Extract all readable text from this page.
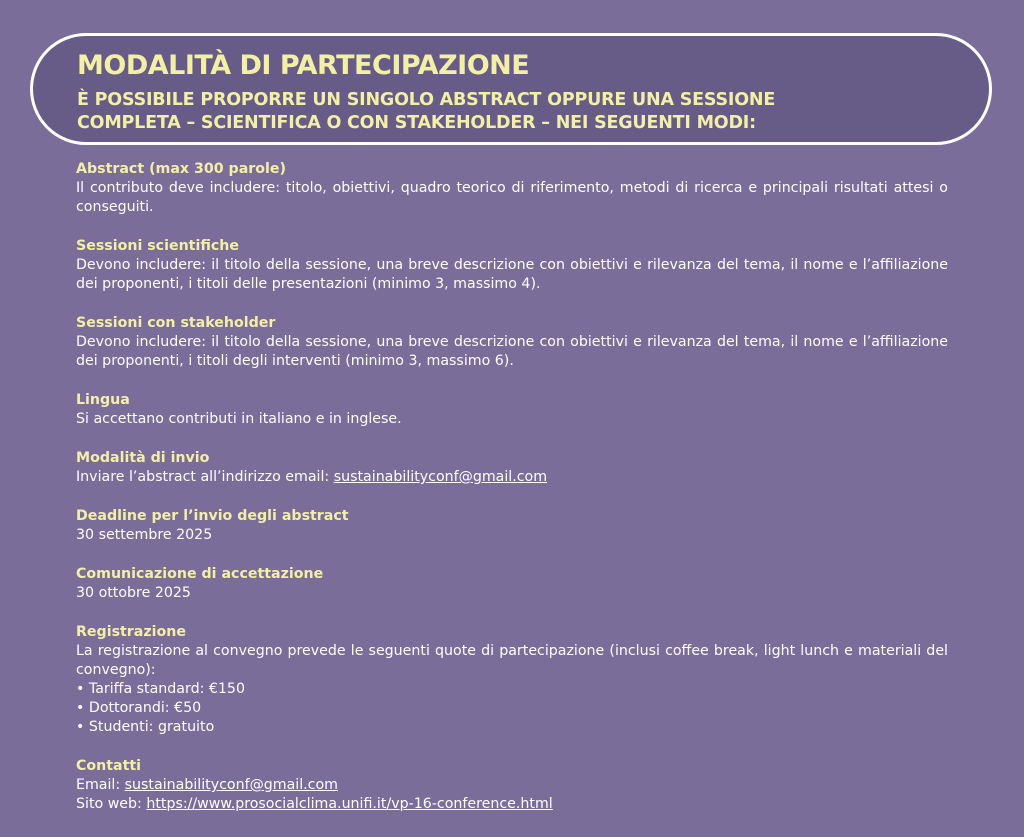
MODALITÀ DI PARTECIPAZIONE
È POSSIBILE PROPORRE UN SINGOLO ABSTRACT OPPURE UNA SESSIONE COMPLETA – SCIENTIFICA O CON STAKEHOLDER – NEI SEGUENTI MODI:
Abstract (max 300 parole)
Il contributo deve includere: titolo, obiettivi, quadro teorico di riferimento, metodi di ricerca e principali risultati attesi o conseguiti.
Sessioni scientifiche
Devono includere: il titolo della sessione, una breve descrizione con obiettivi e rilevanza del tema, il nome e l’affiliazione dei proponenti, i titoli delle presentazioni (minimo 3, massimo 4).
Sessioni con stakeholder
Devono includere: il titolo della sessione, una breve descrizione con obiettivi e rilevanza del tema, il nome e l’affiliazione dei proponenti, i titoli degli interventi (minimo 3, massimo 6).
Lingua
Si accettano contributi in italiano e in inglese.
Modalità di invio
Inviare l’abstract all’indirizzo email: sustainabilityconf@gmail.com
Deadline per l’invio degli abstract
30 settembre 2025
Comunicazione di accettazione
30 ottobre 2025
Registrazione
La registrazione al convegno prevede le seguenti quote di partecipazione (inclusi coffee break, light lunch e materiali del convegno):
• Tariffa standard: €150
• Dottorandi: €50
• Studenti: gratuito
Contatti
Email: sustainabilityconf@gmail.com
Sito web: https://www.prosocialclima.unifi.it/vp-16-conference.html
